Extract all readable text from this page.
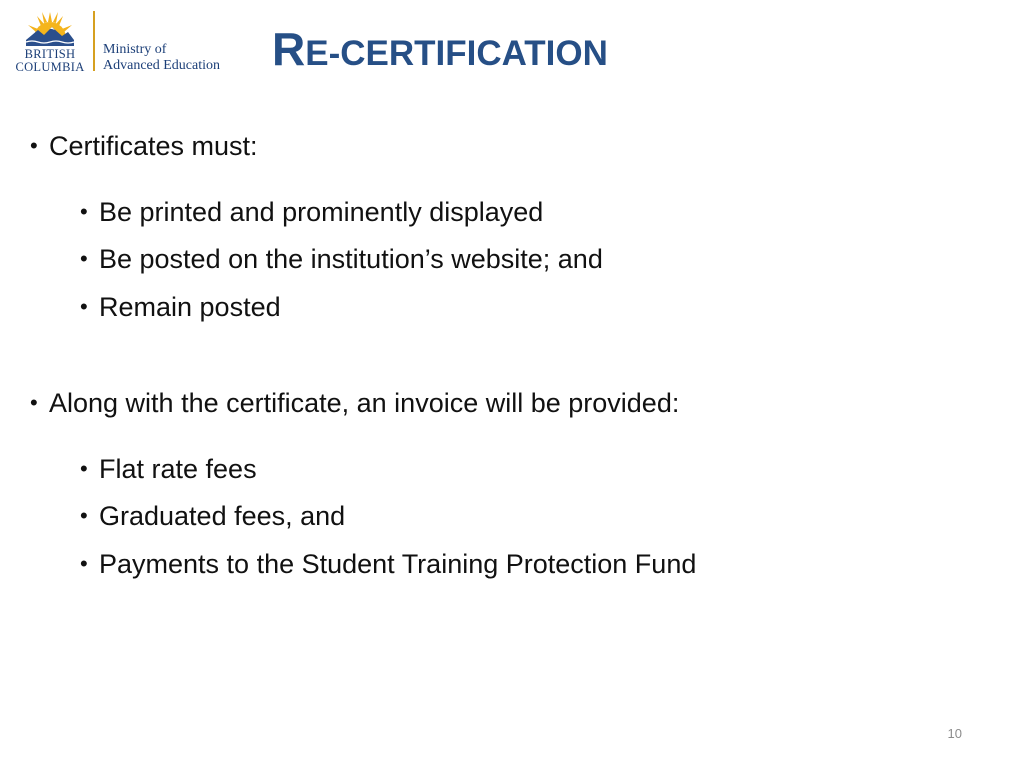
BRITISH
COLUMBIA
Ministry of
Advanced Education RE-CERTIFICATION
• Certificates must:
• Be printed and prominently displayed
• Be posted on the institution’s website; and
• Remain posted
• Along with the certificate, an invoice will be provided:
• Flat rate fees
• Graduated fees, and
• Payments to the Student Training Protection Fund
10
